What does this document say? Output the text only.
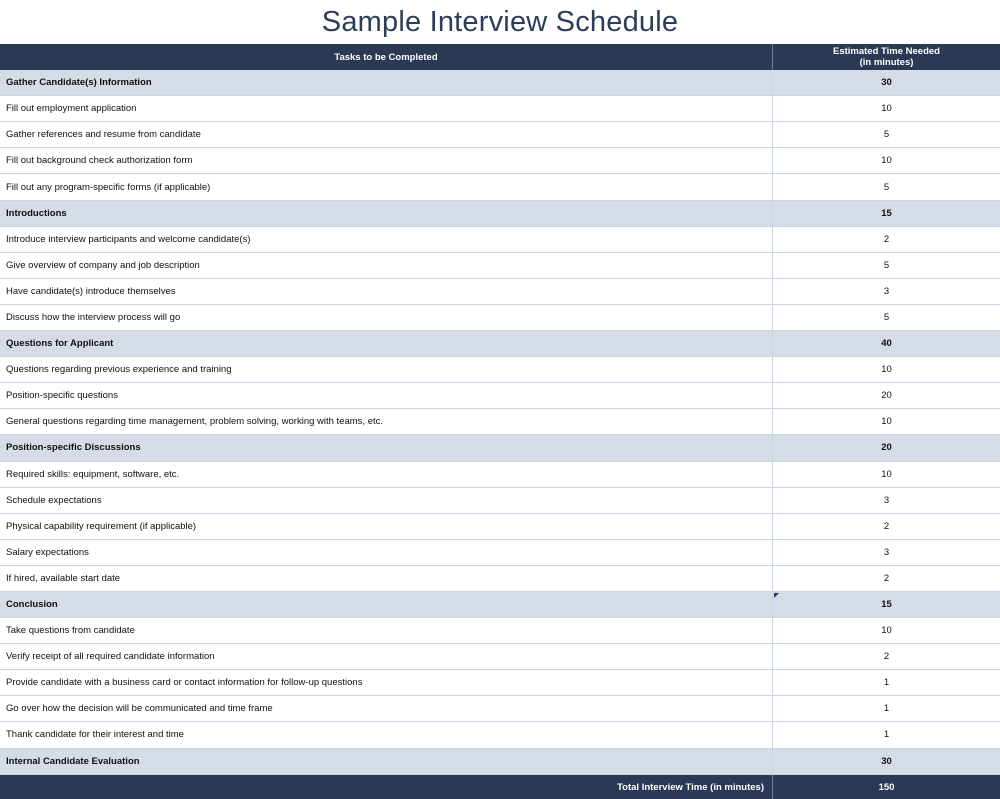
Sample Interview Schedule
Tasks to be Completed	Estimated Time Needed
(in minutes)
Gather Candidate(s) Information	30
Fill out employment application	10
Gather references and resume from candidate	5
Fill out background check authorization form	10
Fill out any program-specific forms (if applicable)	5
Introductions	15
Introduce interview participants and welcome candidate(s)	2
Give overview of company and job description	5
Have candidate(s) introduce themselves	3
Discuss how the interview process will go	5
Questions for Applicant	40
Questions regarding previous experience and training	10
Position-specific questions	20
General questions regarding time management, problem solving, working with teams, etc.	10
Position-specific Discussions	20
Required skills: equipment, software, etc.	10
Schedule expectations	3
Physical capability requirement (if applicable)	2
Salary expectations	3
If hired, available start date	2
Conclusion	15
Take questions from candidate	10
Verify receipt of all required candidate information	2
Provide candidate with a business card or contact information for follow-up questions	1
Go over how the decision will be communicated and time frame	1
Thank candidate for their interest and time	1
Internal Candidate Evaluation	30
Total Interview Time (in minutes)	150
